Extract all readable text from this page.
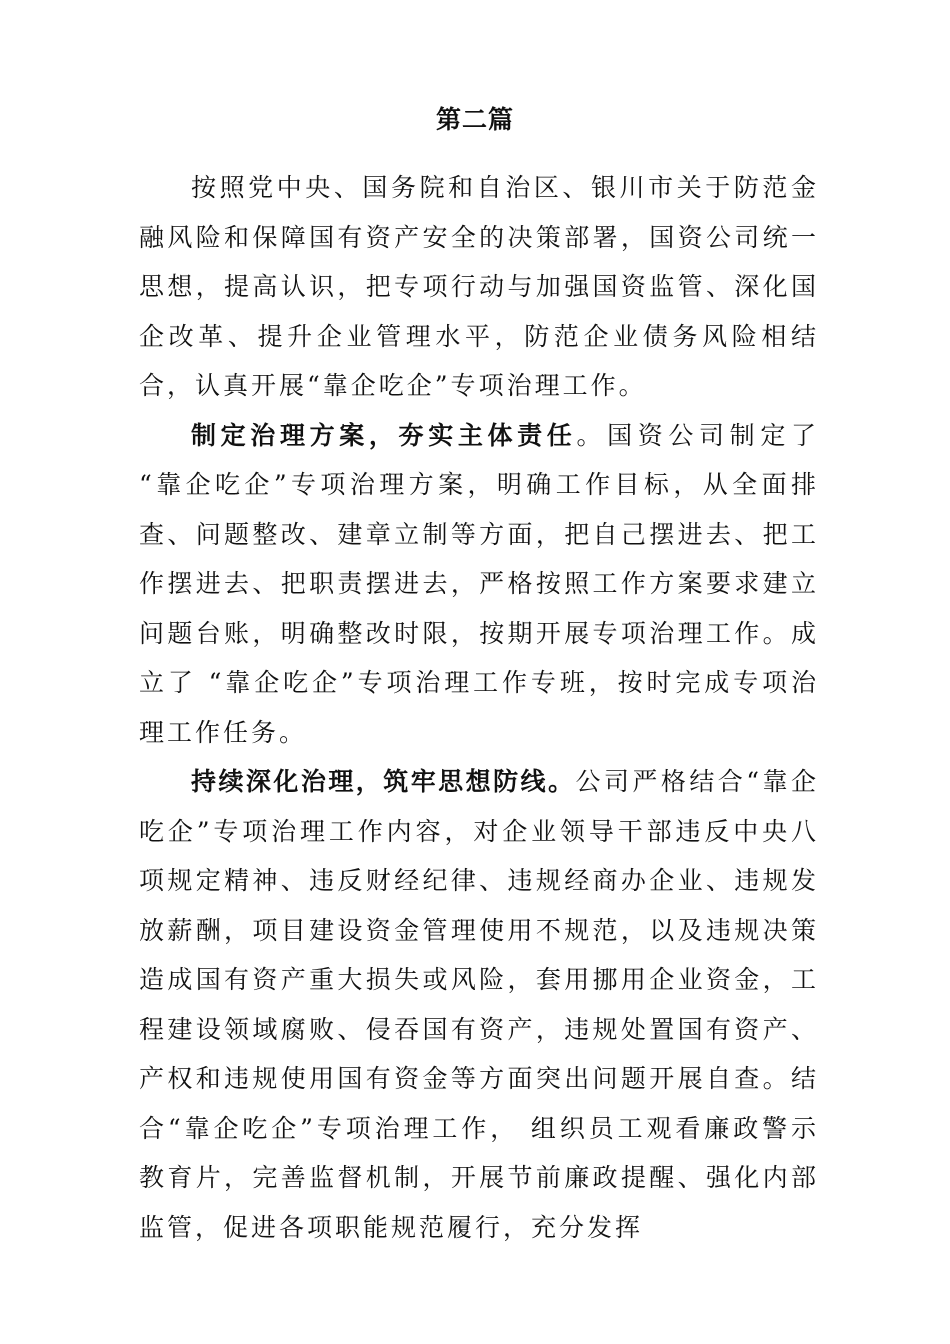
第二篇

按照党中央、国务院和自治区、银川市关于防范金融风险和保障国有资产安全的决策部署，国资公司统一思想，提高认识，把专项行动与加强国资监管、深化国企改革、提升企业管理水平，防范企业债务风险相结合，认真开展“靠企吃企”专项治理工作。

制定治理方案，夯实主体责任。国资公司制定了 “靠企吃企”专项治理方案，明确工作目标，从全面排查、问题整改、建章立制等方面，把自己摆进去、把工作摆进去、把职责摆进去，严格按照工作方案要求建立问题台账，明确整改时限，按期开展专项治理工作。成立了 “靠企吃企”专项治理工作专班，按时完成专项治理工作任务。

持续深化治理，筑牢思想防线。公司严格结合“靠企吃企”专项治理工作内容，对企业领导干部违反中央八项规定精神、违反财经纪律、违规经商办企业、违规发放薪酬，项目建设资金管理使用不规范，以及违规决策造成国有资产重大损失或风险，套用挪用企业资金，工程建设领域腐败、侵吞国有资产，违规处置国有资产、产权和违规使用国有资金等方面突出问题开展自查。结合“靠企吃企”专项治理工作， 组织员工观看廉政警示教育片，完善监督机制，开展节前廉政提醒、强化内部监管，促进各项职能规范履行，充分发挥
